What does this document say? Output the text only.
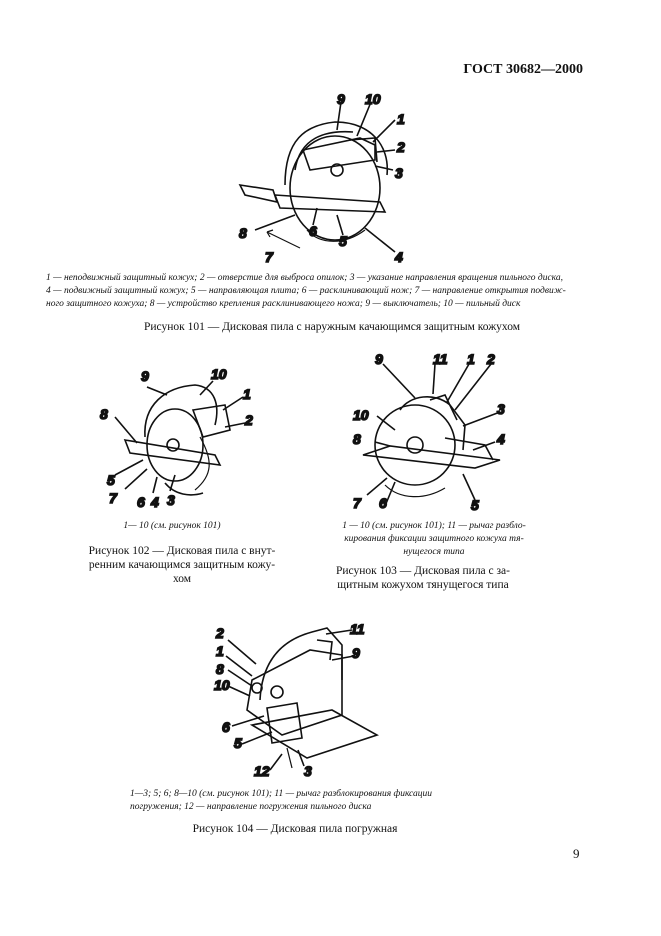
ГОСТ 30682—2000
9 10
1
2
3
8
7
6
5
4
1 — неподвижный защитный кожух; 2 — отверстие для выброса опилок; 3 — указание направления вращения пильного диска,
4 — подвижный защитный кожух; 5 — направляющая плита; 6 — расклинивающий нож; 7 — направление открытия подвиж-
ного защитного кожуха; 8 — устройство крепления расклинивающего ножа; 9 — выключатель; 10 — пильный диск
Рисунок 101 — Дисковая пила с наружным качающимся защитным кожухом
9	10
1
2
8
5
7 6 4 3
1— 10 (см. рисунок 101)
Рисунок 102 — Дисковая пила с внут-
ренним качающимся защитным кожу-
хом
9	11 1 2
3
10
4
8
7 6	5
1 — 10 (см. рисунок 101); 11 — рычаг разбло-
кирования фиксации защитного кожуха тя-
нущегося типа
Рисунок 103 — Дисковая пила с за-
щитным кожухом тянущегося типа
11
2
1	9
8
10
6
5
12 3
1—3; 5; 6; 8—10 (см. рисунок 101); 11 — рычаг разблокирования фиксации
погружения; 12 — направление погружения пильного диска
Рисунок 104 — Дисковая пила погружная
9
